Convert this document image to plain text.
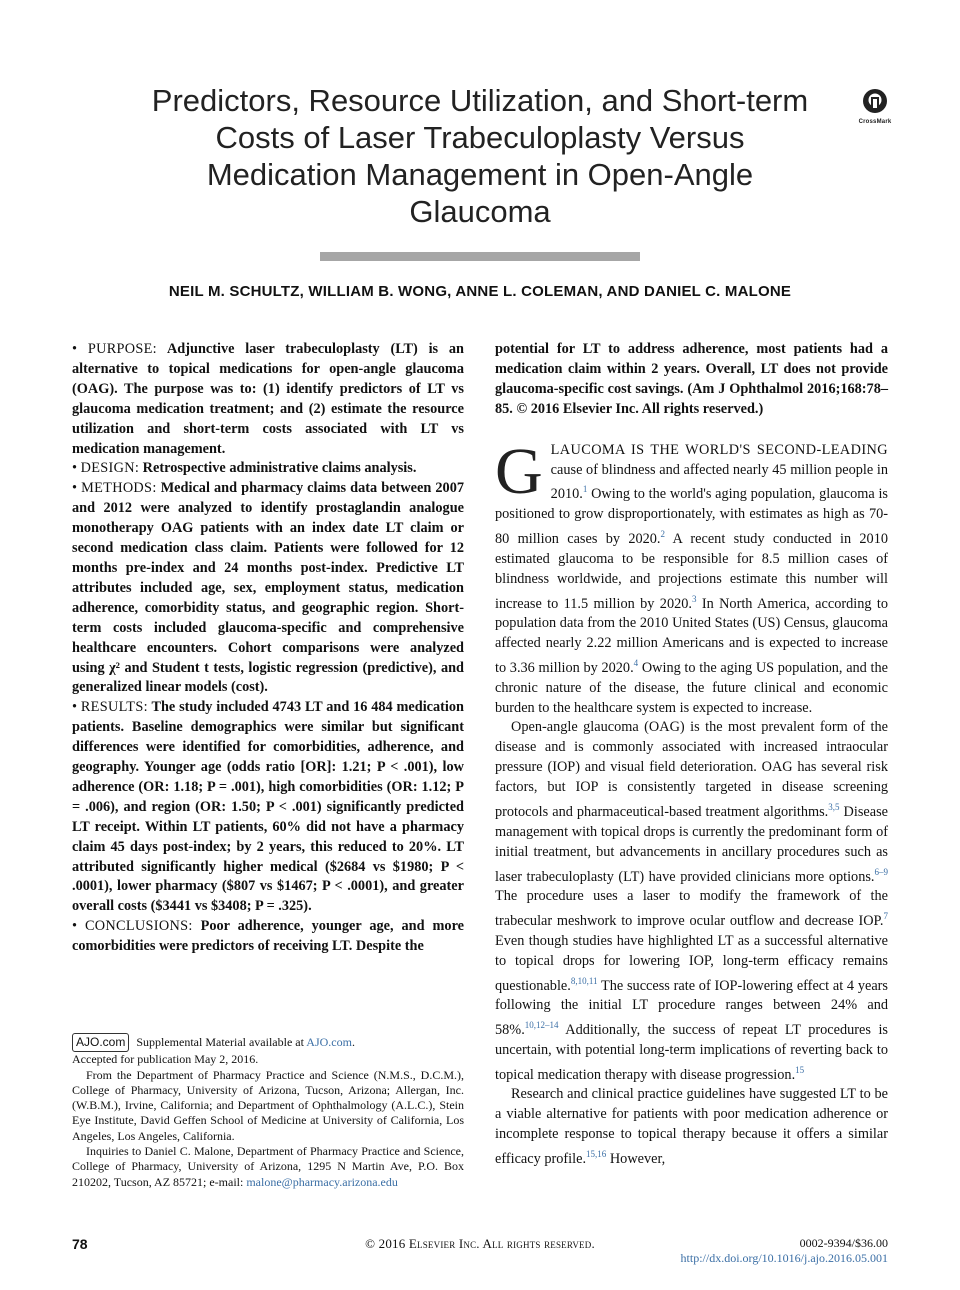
Predictors, Resource Utilization, and Short-term
Costs of Laser Trabeculoplasty Versus
Medication Management in Open-Angle
Glaucoma
CrossMark
NEIL M. SCHULTZ, WILLIAM B. WONG, ANNE L. COLEMAN, AND DANIEL C. MALONE

• PURPOSE: Adjunctive laser trabeculoplasty (LT) is an alternative to topical medications for open-angle glaucoma (OAG). The purpose was to: (1) identify predictors of LT vs glaucoma medication treatment; and (2) estimate the resource utilization and short-term costs associated with LT vs medication management.

• DESIGN: Retrospective administrative claims analysis.

• METHODS: Medical and pharmacy claims data between 2007 and 2012 were analyzed to identify prostaglandin analogue monotherapy OAG patients with an index date LT claim or second medication class claim. Patients were followed for 12 months pre-index and 24 months post-index. Predictive LT attributes included age, sex, employment status, medication adherence, comorbidity status, and geographic region. Short-term costs included glaucoma-specific and comprehensive healthcare encounters. Cohort comparisons were analyzed using χ² and Student t tests, logistic regression (predictive), and generalized linear models (cost).

• RESULTS: The study included 4743 LT and 16 484 medication patients. Baseline demographics were similar but significant differences were identified for comorbidities, adherence, and geography. Younger age (odds ratio [OR]: 1.21; P < .001), low adherence (OR: 1.18; P = .001), high comorbidities (OR: 1.12; P = .006), and region (OR: 1.50; P < .001) significantly predicted LT receipt. Within LT patients, 60% did not have a pharmacy claim 45 days post-index; by 2 years, this reduced to 20%. LT attributed significantly higher medical ($2684 vs $1980; P < .0001), lower pharmacy ($807 vs $1467; P < .0001), and greater overall costs ($3441 vs $3408; P = .325).

• CONCLUSIONS: Poor adherence, younger age, and more comorbidities were predictors of receiving LT. Despite the

AJO.com Supplemental Material available at AJO.com.

Accepted for publication May 2, 2016.

From the Department of Pharmacy Practice and Science (N.M.S., D.C.M.), College of Pharmacy, University of Arizona, Tucson, Arizona; Allergan, Inc. (W.B.M.), Irvine, California; and Department of Ophthalmology (A.L.C.), Stein Eye Institute, David Geffen School of Medicine at University of California, Los Angeles, Los Angeles, California.

Inquiries to Daniel C. Malone, Department of Pharmacy Practice and Science, College of Pharmacy, University of Arizona, 1295 N Martin Ave, P.O. Box 210202, Tucson, AZ 85721; e-mail: malone@pharmacy.arizona.edu

potential for LT to address adherence, most patients had a medication claim within 2 years. Overall, LT does not provide glaucoma-specific cost savings. (Am J Ophthalmol 2016;168:78–85. © 2016 Elsevier Inc. All rights reserved.)

GLAUCOMA IS THE WORLD'S SECOND-LEADING cause of blindness and affected nearly 45 million people in 2010.$^1$ Owing to the world's aging population, glaucoma is positioned to grow disproportionately, with estimates as high as 70-80 million cases by 2020.$^2$ A recent study conducted in 2010 estimated glaucoma to be responsible for 8.5 million cases of blindness worldwide, and projections estimate this number will increase to 11.5 million by 2020.$^3$ In North America, according to population data from the 2010 United States (US) Census, glaucoma affected nearly 2.22 million Americans and is expected to increase to 3.36 million by 2020.$^4$ Owing to the aging US population, and the chronic nature of the disease, the future clinical and economic burden to the healthcare system is expected to increase.

Open-angle glaucoma (OAG) is the most prevalent form of the disease and is commonly associated with increased intraocular pressure (IOP) and visual field deterioration. OAG has several risk factors, but IOP is consistently targeted in disease screening protocols and pharmaceutical-based treatment algorithms.$^{3,5}$ Disease management with topical drops is currently the predominant form of initial treatment, but advancements in ancillary procedures such as laser trabeculoplasty (LT) have provided clinicians more options.$^{6-9}$ The procedure uses a laser to modify the framework of the trabecular meshwork to improve ocular outflow and decrease IOP.$^7$ Even though studies have highlighted LT as a successful alternative to topical drops for lowering IOP, long-term efficacy remains questionable.$^{8,10,11}$ The success rate of IOP-lowering effect at 4 years following the initial LT procedure ranges between 24% and 58%.$^{10,12-14}$ Additionally, the success of repeat LT procedures is uncertain, with potential long-term implications of reverting back to topical medication therapy with disease progression.$^{15}$

Research and clinical practice guidelines have suggested LT to be a viable alternative for patients with poor medication adherence or incomplete response to topical therapy because it offers a similar efficacy profile.$^{15,16}$ However,

78	© 2016 Elsevier Inc. All rights reserved.	0002-9394/$36.00
http://dx.doi.org/10.1016/j.ajo.2016.05.001
